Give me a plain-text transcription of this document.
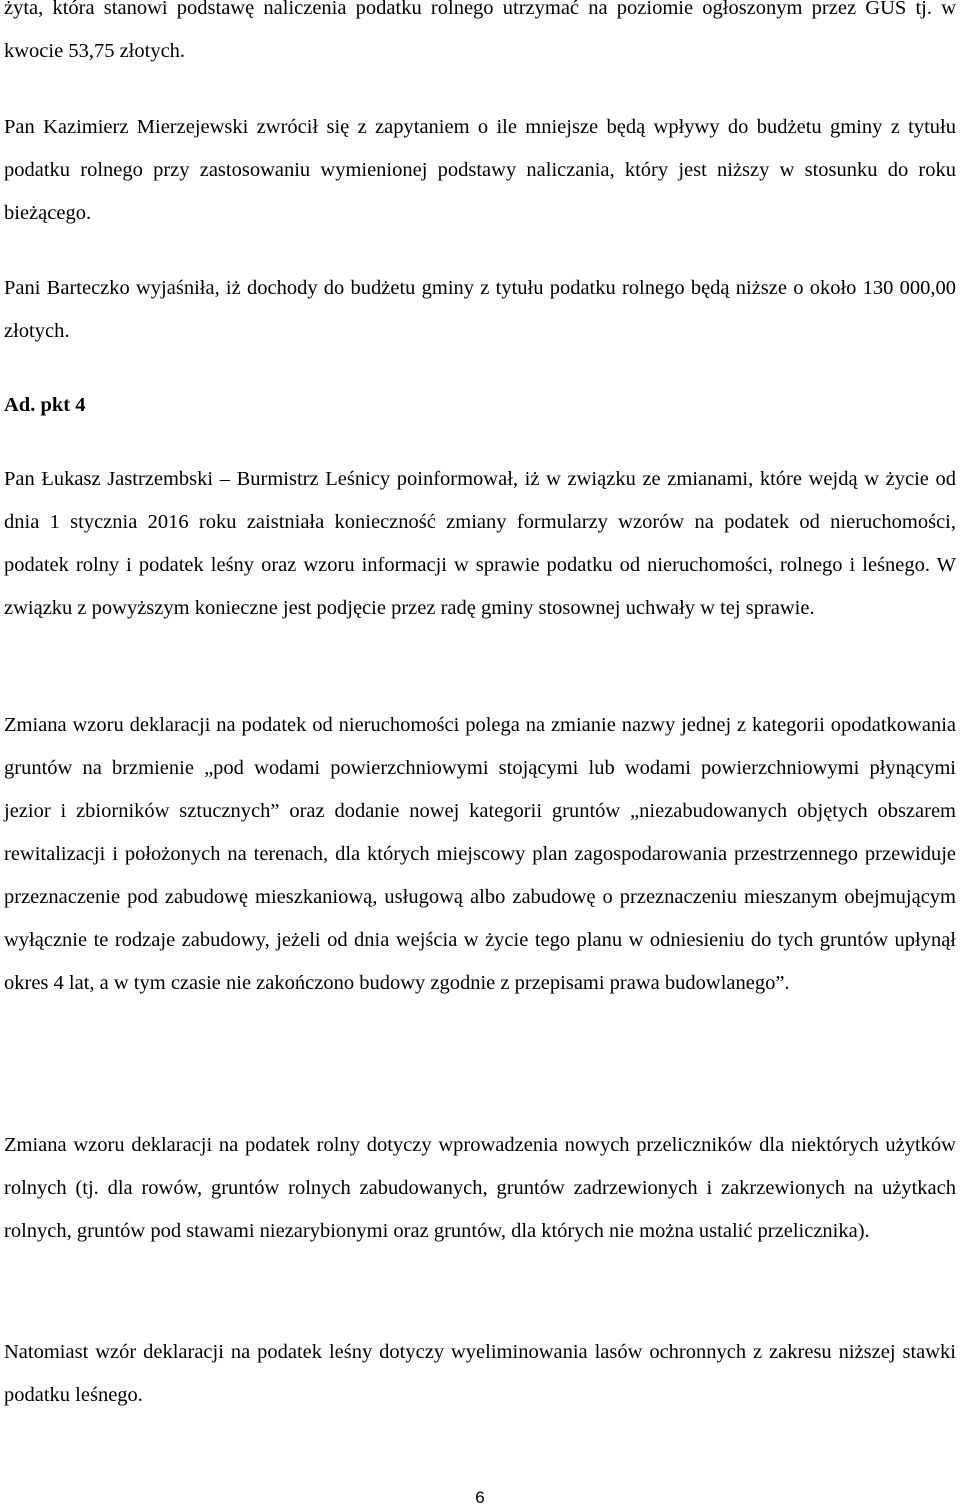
żyta, która stanowi podstawę naliczenia podatku rolnego utrzymać na poziomie ogłoszonym przez GUS tj. w kwocie 53,75 złotych.

Pan Kazimierz Mierzejewski zwrócił się z zapytaniem o ile mniejsze będą wpływy do budżetu gminy z tytułu podatku rolnego przy zastosowaniu wymienionej podstawy naliczania, który jest niższy w stosunku do roku bieżącego.

Pani Barteczko wyjaśniła, iż dochody do budżetu gminy z tytułu podatku rolnego będą niższe o około 130 000,00 złotych.

Ad. pkt 4

Pan Łukasz Jastrzembski – Burmistrz Leśnicy poinformował, iż w związku ze zmianami, które wejdą w życie od dnia 1 stycznia 2016 roku zaistniała konieczność zmiany formularzy wzorów na podatek od nieruchomości, podatek rolny i podatek leśny oraz wzoru informacji w sprawie podatku od nieruchomości, rolnego i leśnego. W związku z powyższym konieczne jest podjęcie przez radę gminy stosownej uchwały w tej sprawie.

Zmiana wzoru deklaracji na podatek od nieruchomości polega na zmianie nazwy jednej z kategorii opodatkowania gruntów na brzmienie „pod wodami powierzchniowymi stojącymi lub wodami powierzchniowymi płynącymi jezior i zbiorników sztucznych” oraz dodanie nowej kategorii gruntów „niezabudowanych objętych obszarem rewitalizacji i położonych na terenach, dla których miejscowy plan zagospodarowania przestrzennego przewiduje przeznaczenie pod zabudowę mieszkaniową, usługową albo zabudowę o przeznaczeniu mieszanym obejmującym wyłącznie te rodzaje zabudowy, jeżeli od dnia wejścia w życie tego planu w odniesieniu do tych gruntów upłynął okres 4 lat, a w tym czasie nie zakończono budowy zgodnie z przepisami prawa budowlanego”.

Zmiana wzoru deklaracji na podatek rolny dotyczy wprowadzenia nowych przeliczników dla niektórych użytków rolnych (tj. dla rowów, gruntów rolnych zabudowanych, gruntów zadrzewionych i zakrzewionych na użytkach rolnych, gruntów pod stawami niezarybionymi oraz gruntów, dla których nie można ustalić przelicznika).

Natomiast wzór deklaracji na podatek leśny dotyczy wyeliminowania lasów ochronnych z zakresu niższej stawki podatku leśnego.

6
